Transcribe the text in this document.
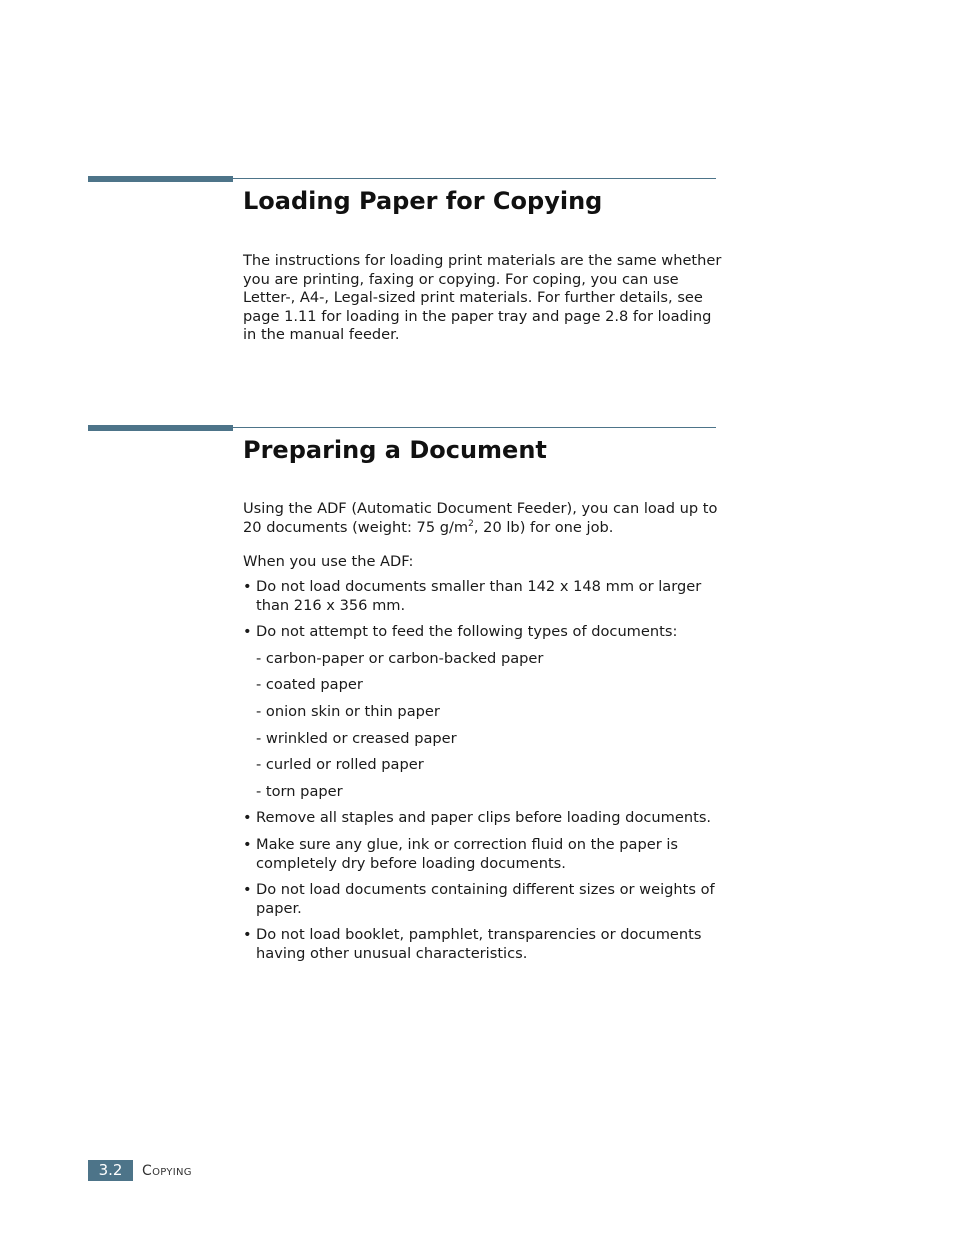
Loading Paper for Copying

The instructions for loading print materials are the same whether you are printing, faxing or copying. For coping, you can use Letter-, A4-, Legal-sized print materials. For further details, see page 1.11 for loading in the paper tray and page 2.8 for loading in the manual feeder.

Preparing a Document

Using the ADF (Automatic Document Feeder), you can load up to 20 documents (weight: 75 $g/m^2$, 20 lb) for one job.

When you use the ADF:

• Do not load documents smaller than 142 x 148 mm or larger than 216 x 356 mm.
• Do not attempt to feed the following types of documents:
- carbon-paper or carbon-backed paper
- coated paper
- onion skin or thin paper
- wrinkled or creased paper
- curled or rolled paper
- torn paper
• Remove all staples and paper clips before loading documents.
• Make sure any glue, ink or correction fluid on the paper is completely dry before loading documents.
• Do not load documents containing different sizes or weights of paper.
• Do not load booklet, pamphlet, transparencies or documents having other unusual characteristics.
3.2	Copying
